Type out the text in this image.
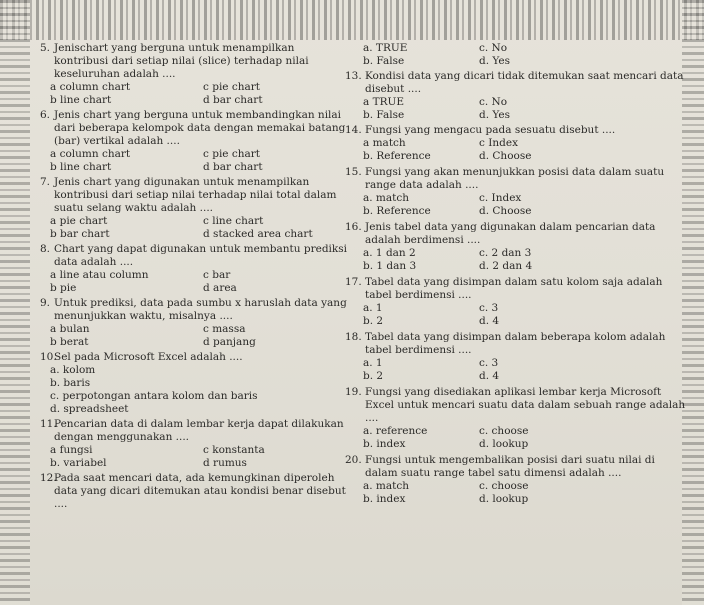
5. Jenischart yang berguna untuk menampilkan kontribusi dari setiap nilai (slice) terhadap nilai keseluruhan adalah ....
a column chart	c pie chart
b line chart	d bar chart
6. Jenis chart yang berguna untuk membandingkan nilai dari beberapa kelompok data dengan memakai batang (bar) vertikal adalah ....
a column chart	c pie chart
b line chart	d bar chart
7. Jenis chart yang digunakan untuk menampilkan kontribusi dari setiap nilai terhadap nilai total dalam suatu selang waktu adalah ....
a pie chart	c line chart
b bar chart	d stacked area chart
8. Chart yang dapat digunakan untuk membantu prediksi data adalah ....
a line atau column	c bar
b pie	d area
9. Untuk prediksi, data pada sumbu x haruslah data yang menunjukkan waktu, misalnya ....
a bulan	c massa
b berat	d panjang
10.Sel pada Microsoft Excel adalah ....
a. kolom
b. baris
c. perpotongan antara kolom dan baris
d. spreadsheet
11.Pencarian data di dalam lembar kerja dapat dilakukan dengan menggunakan ....
a fungsi	c konstanta
b. variabel	d rumus
12.Pada saat mencari data, ada kemungkinan diperoleh data yang dicari ditemukan atau kondisi benar disebut ....
a. TRUE	c. No
b. False	d. Yes
13. Kondisi data yang dicari tidak ditemukan saat mencari data disebut ....
a TRUE	c. No
b. False	d. Yes
14. Fungsi yang mengacu pada sesuatu disebut ....
a match	c Index
b. Reference	d. Choose
15. Fungsi yang akan menunjukkan posisi data dalam suatu range data adalah ....
a. match	c. Index
b. Reference	d. Choose
16. Jenis tabel data yang digunakan dalam pencarian data adalah berdimensi ....
a. 1 dan 2	c. 2 dan 3
b. 1 dan 3	d. 2 dan 4
17. Tabel data yang disimpan dalam satu kolom saja adalah tabel berdimensi ....
a. 1	c. 3
b. 2	d. 4
18. Tabel data yang disimpan dalam beberapa kolom adalah tabel berdimensi ....
a. 1	c. 3
b. 2	d. 4
19. Fungsi yang disediakan aplikasi lembar kerja Microsoft Excel untuk mencari suatu data dalam sebuah range adalah ....
a. reference	c. choose
b. index	d. lookup
20. Fungsi untuk mengembalikan posisi dari suatu nilai di dalam suatu range tabel satu dimensi adalah ....
a. match	c. choose
b. index	d. lookup
